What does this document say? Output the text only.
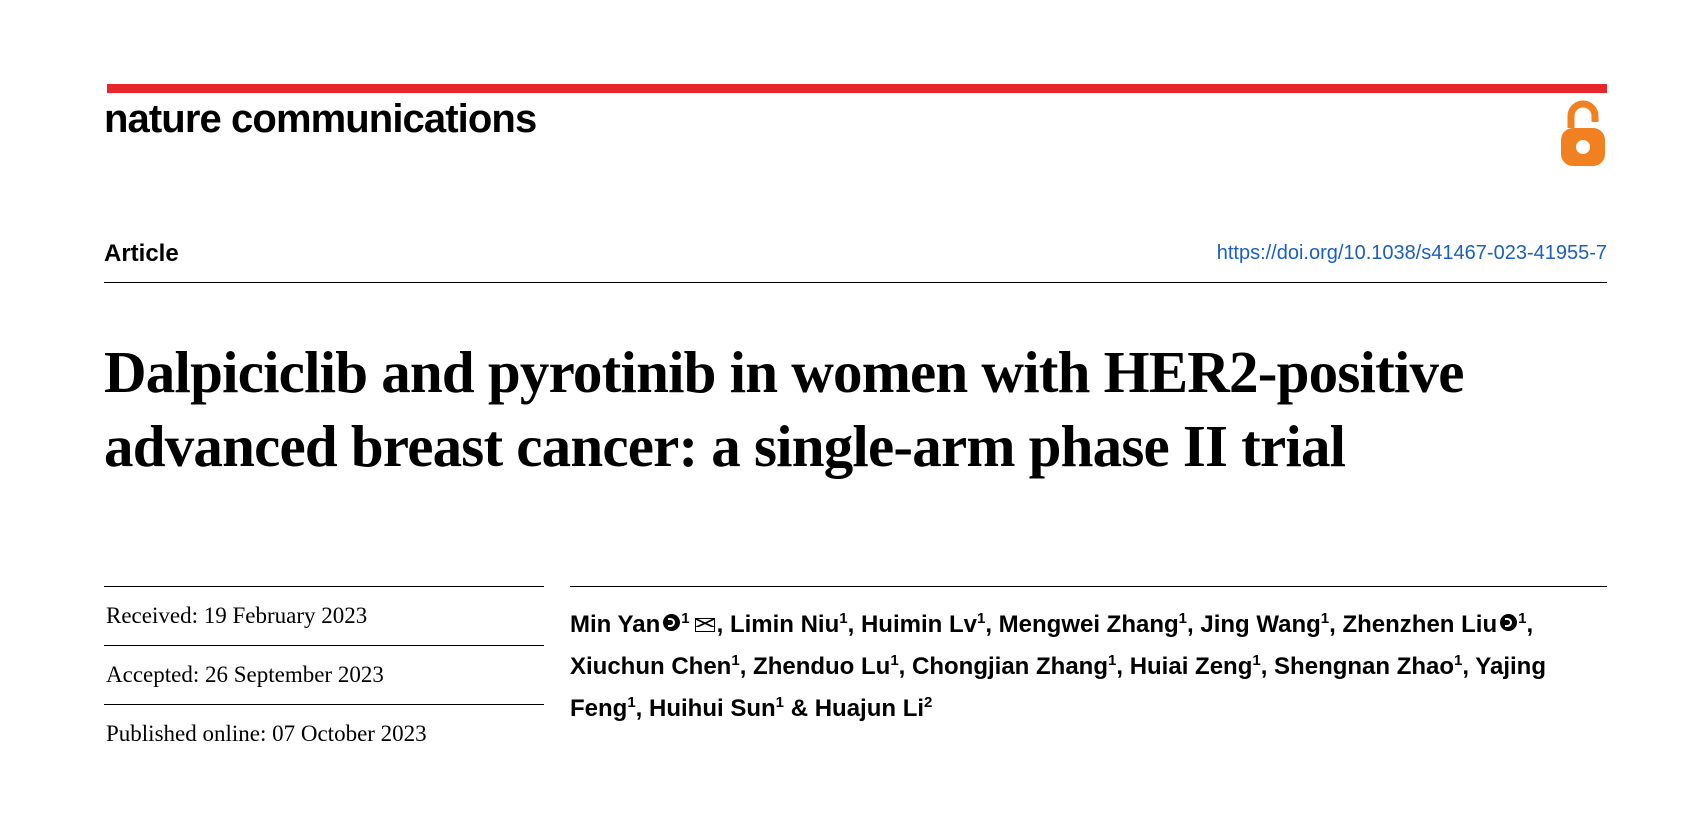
nature communications
Article	https://doi.org/10.1038/s41467-023-41955-7
Dalpiciclib and pyrotinib in women with HER2-positive advanced breast cancer: a single-arm phase II trial
Received: 19 February 2023
Accepted: 26 September 2023
Published online: 07 October 2023
Min Yan $^1$ , Limin Niu$^1$, Huimin Lv$^1$, Mengwei Zhang$^1$, Jing Wang$^1$, Zhenzhen Liu $^1$, Xiuchun Chen$^1$, Zhenduo Lu$^1$, Chongjian Zhang$^1$, Huiai Zeng$^1$, Shengnan Zhao$^1$, Yajing Feng$^1$, Huihui Sun$^1$ & Huajun Li$^2$
